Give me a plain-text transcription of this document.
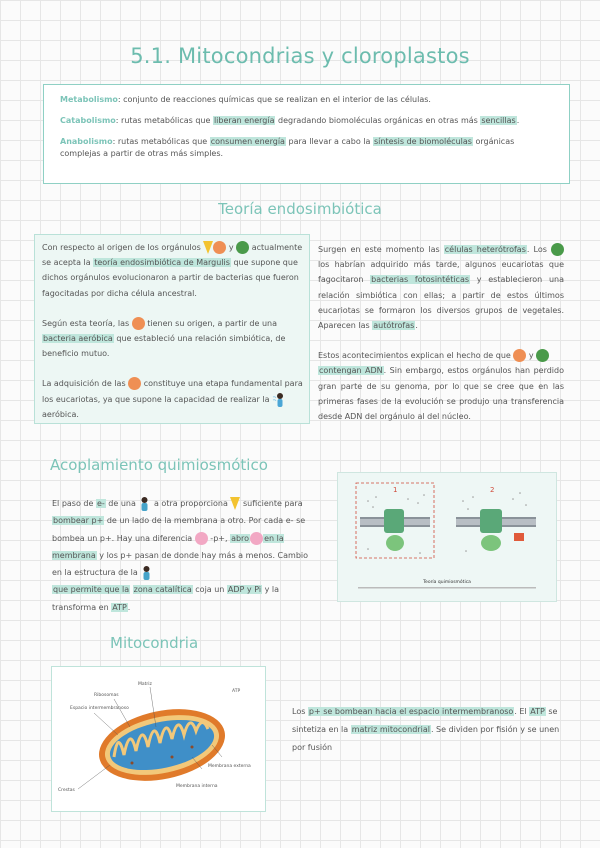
5.1. Mitocondrias y cloroplastos

Metabolismo: conjunto de reacciones químicas que se realizan en el interior de las células.

Catabolismo: rutas metabólicas que liberan energía degradando biomoléculas orgánicas en otras más sencillas.

Anabolismo: rutas metabólicas que consumen energía para llevar a cabo la síntesis de biomoléculas orgánicas complejas a partir de otras más simples.

Teoría endosimbiótica

Con respecto al origen de los orgánulos	y  actualmente se acepta la teoría endosimbiótica de Margulis que supone que dichos orgánulos evolucionaron a partir de bacterias que fueron fagocitadas por dicha célula ancestral.

Según esta teoría, las  tienen su origen, a partir de una bacteria aeróbica que estableció una relación simbiótica, de beneficio mutuo.

La adquisición de las  constituye una etapa fundamental para los eucariotas, ya que supone la capacidad de realizar la  aeróbica.

Surgen en este momento las células heterótrofas. Los  los habrían adquirido más tarde, algunos eucariotas que fagocitaron bacterias fotosintéticas y establecieron una relación simbiótica con ellas; a partir de estos últimos eucariotas se formaron los diversos grupos de vegetales. Aparecen las autótrofas.

Estos acontecimientos explican el hecho de que  y
contengan ADN. Sin embargo, estos orgánulos han perdido gran parte de su genoma, por lo que se cree que en las primeras fases de la evolución se produjo una transferencia desde ADN del orgánulo al del núcleo.

Acoplamiento quimiosmótico
El paso de e- de una  a otra proporciona  suficiente para bombear p+ de un lado de la membrana a otro. Por cada e- se bombea un p+. Hay una diferencia  -p+, abro en la membrana y los p+ pasan de donde hay más a menos. Cambio en la estructura de la
que permite que la zona catalítica coja un ADP y Pi y la transforma en ATP.
1	2
Teoría quimiosmótica
Mitocondria
Matriz
Ribosomas
Espacio intermembranoso
Crestas
Membrana interna
Membrana externa
ATP
Los p+ se bombean hacia el espacio intermembranoso. El ATP se sintetiza en la matriz mitocondrial. Se dividen por fisión y se unen por fusión
